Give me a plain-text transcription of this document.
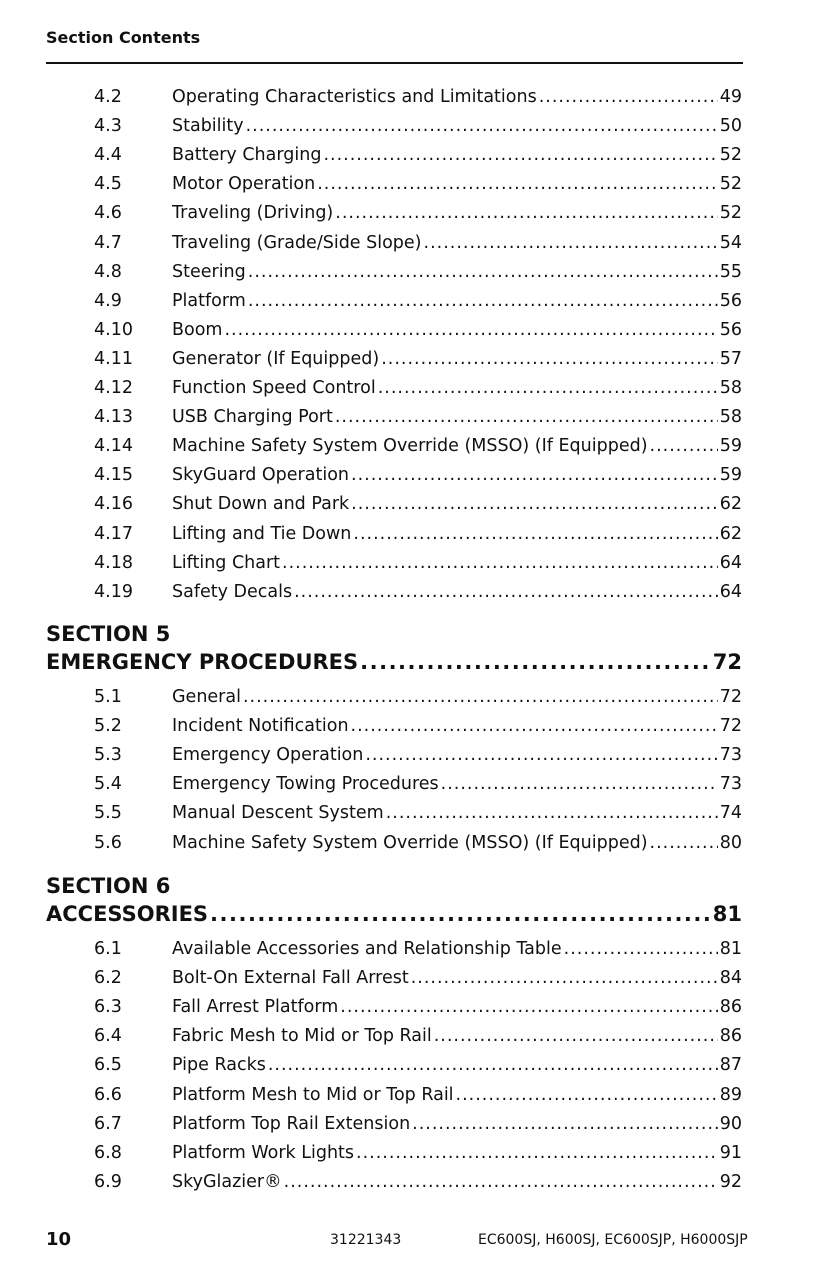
Section Contents
4.2	Operating Characteristics and Limitations .....	49
4.3	Stability .....	50
4.4	Battery Charging .....	52
4.5	Motor Operation .....	52
4.6	Traveling (Driving) .....	52
4.7	Traveling (Grade/Side Slope) .....	54
4.8	Steering .....	55
4.9	Platform .....	56
4.10	Boom .....	56
4.11	Generator (If Equipped) .....	57
4.12	Function Speed Control .....	58
4.13	USB Charging Port .....	58
4.14	Machine Safety System Override (MSSO) (If Equipped) .....	59
4.15	SkyGuard Operation .....	59
4.16	Shut Down and Park .....	62
4.17	Lifting and Tie Down .....	62
4.18	Lifting Chart .....	64
4.19	Safety Decals .....	64
SECTION 5
EMERGENCY PROCEDURES .....	72
5.1	General .....	72
5.2	Incident Notification .....	72
5.3	Emergency Operation .....	73
5.4	Emergency Towing Procedures .....	73
5.5	Manual Descent System .....	74
5.6	Machine Safety System Override (MSSO) (If Equipped) .....	80
SECTION 6
ACCESSORIES .....	81
6.1	Available Accessories and Relationship Table .....	81
6.2	Bolt-On External Fall Arrest .....	84
6.3	Fall Arrest Platform .....	86
6.4	Fabric Mesh to Mid or Top Rail .....	86
6.5	Pipe Racks .....	87
6.6	Platform Mesh to Mid or Top Rail .....	89
6.7	Platform Top Rail Extension .....	90
6.8	Platform Work Lights .....	91
6.9	SkyGlazier® .....	92
10	31221343	EC600SJ, H600SJ, EC600SJP, H6000SJP
